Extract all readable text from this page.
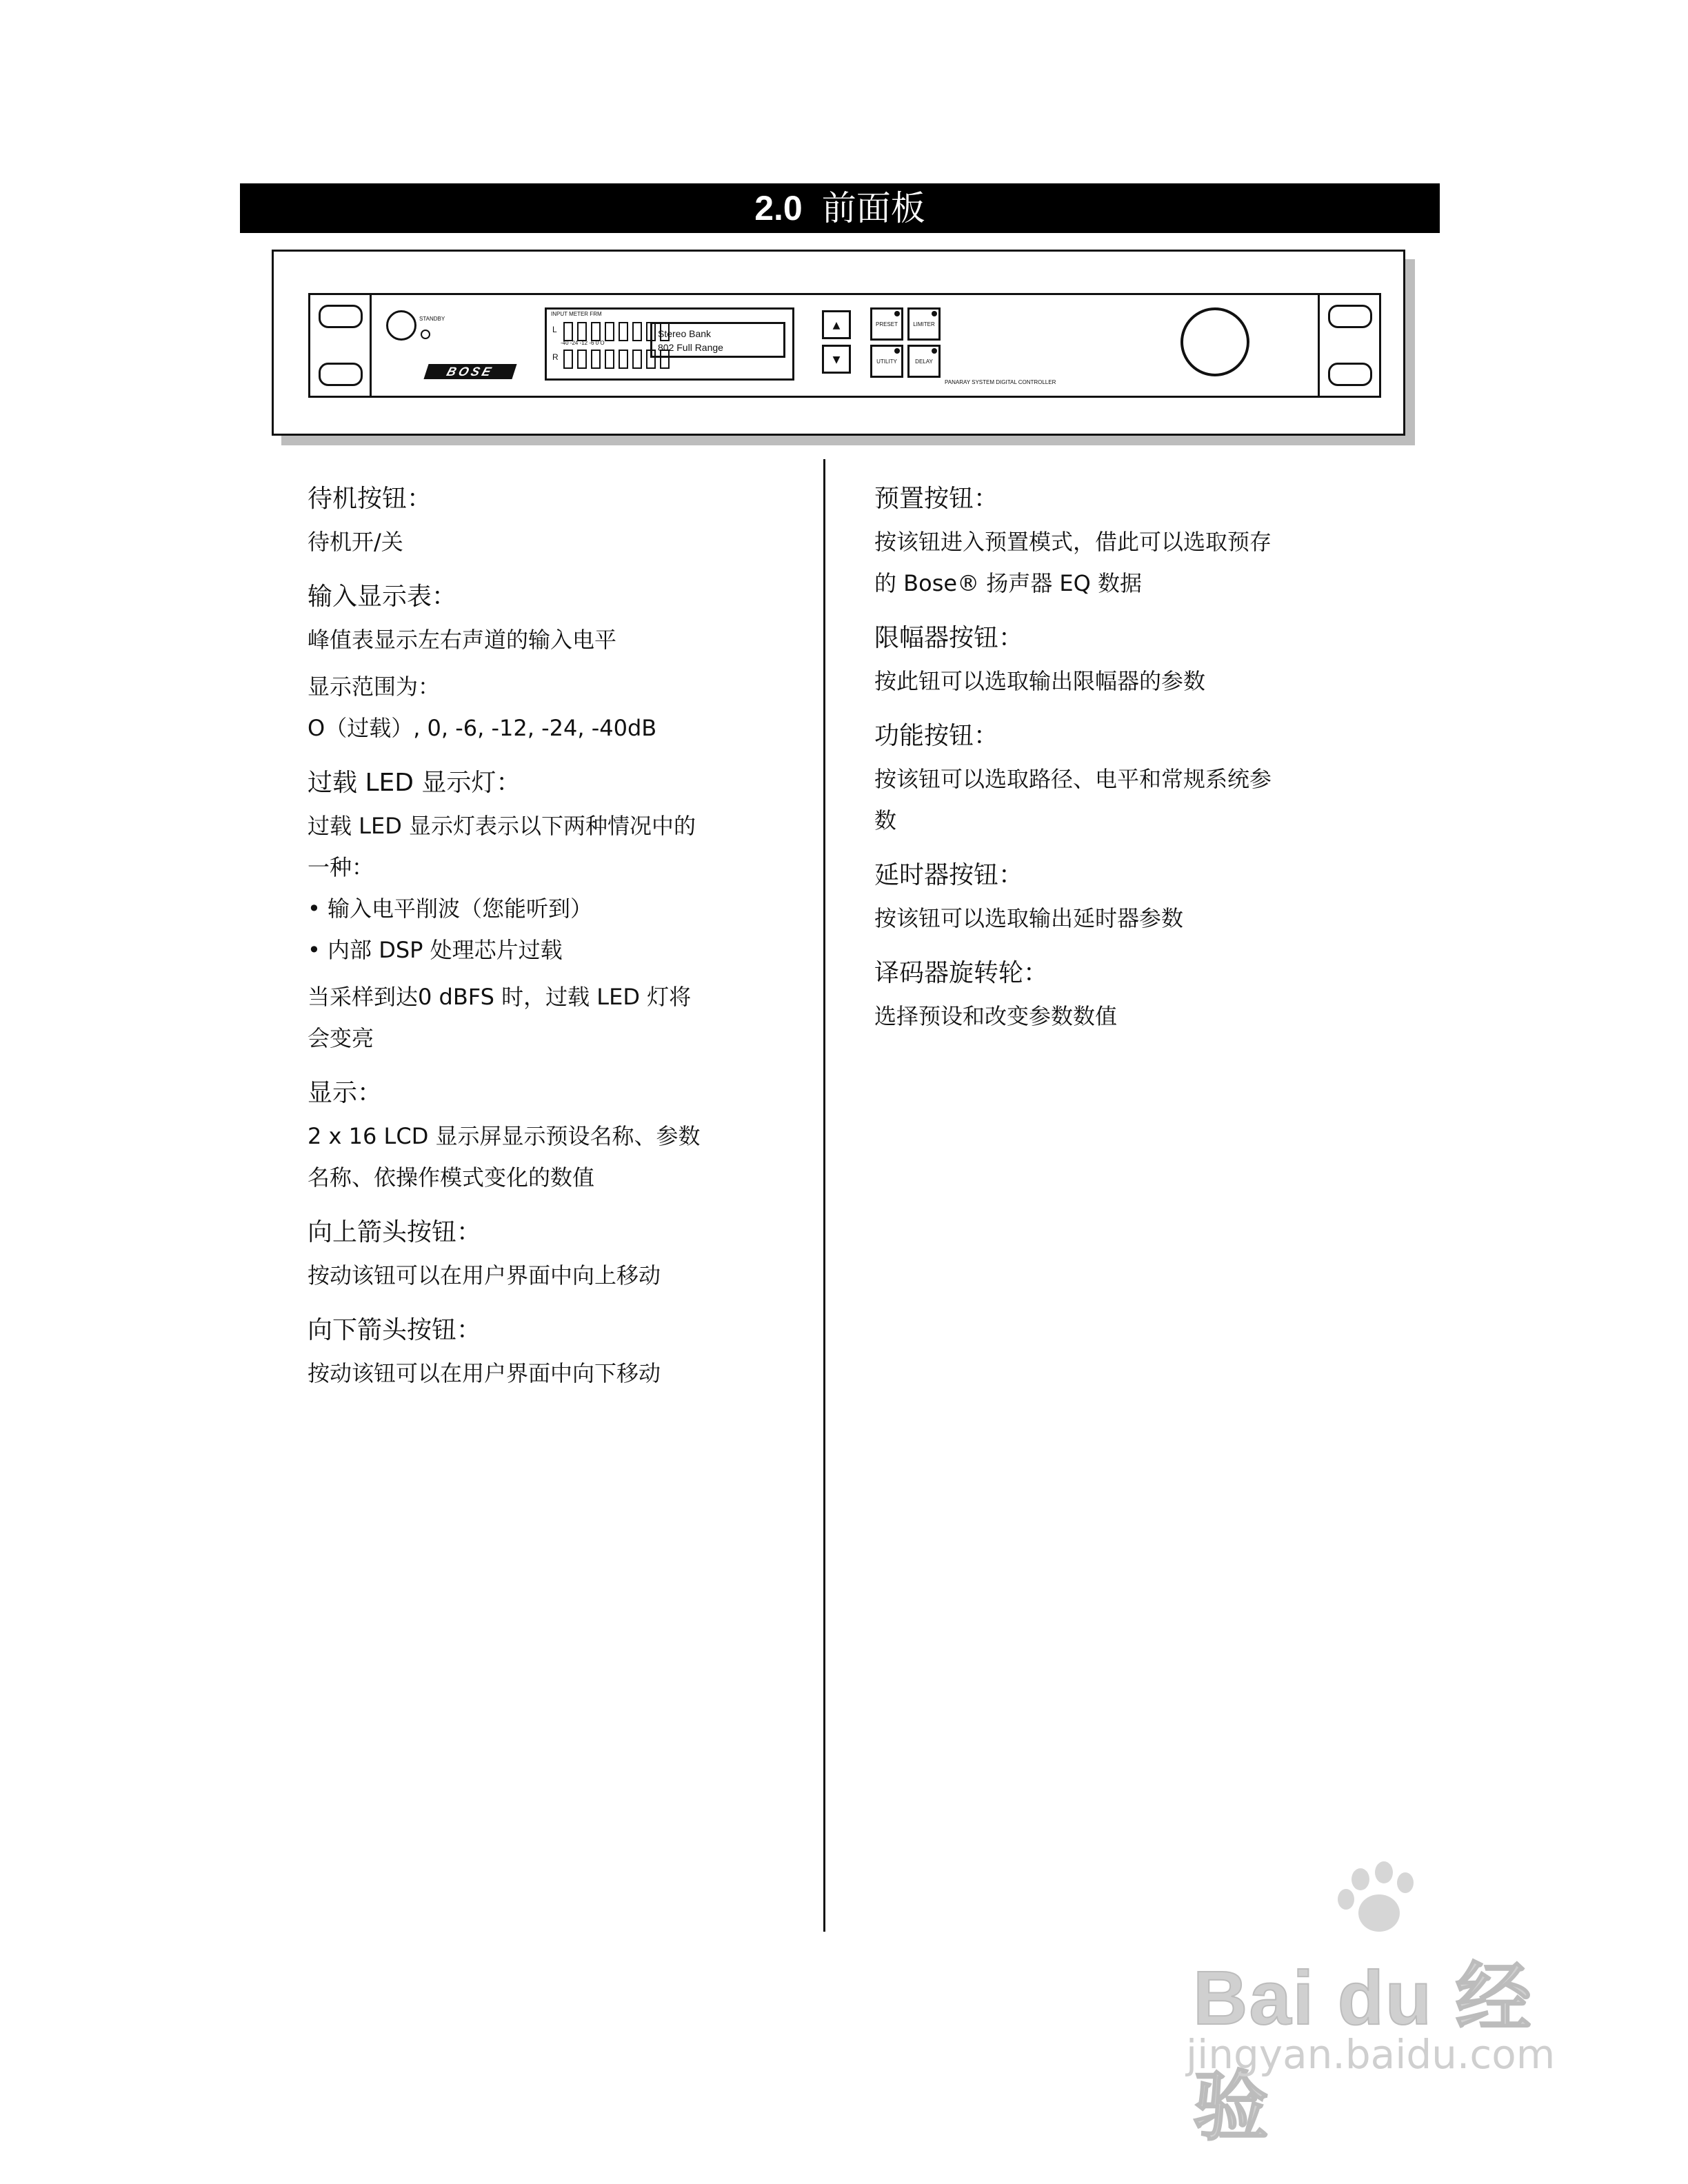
2.0 前面板
STANDBY
BOSE
INPUT METER FRM
L
-40 -24 -12 -6 0 O
R
Stereo Bank
802 Full Range
▲
▼
PRESET	LIMITER
UTILITY	DELAY
PANARAY SYSTEM DIGITAL CONTROLLER
待机按钮：

待机开/关

输入显示表：

峰值表显示左右声道的输入电平

显示范围为：

O（过载）, 0, -6, -12, -24, -40dB

过载 LED 显示灯：

过载 LED 显示灯表示以下两种情况中的

一种：

• 输入电平削波（您能听到）

• 内部 DSP 处理芯片过载

当采样到达0 dBFS 时，过载 LED 灯将

会变亮

显示：

2 x 16 LCD 显示屏显示预设名称、参数

名称、依操作模式变化的数值

向上箭头按钮：

按动该钮可以在用户界面中向上移动

向下箭头按钮：

按动该钮可以在用户界面中向下移动

预置按钮：

按该钮进入预置模式，借此可以选取预存

的 Bose® 扬声器 EQ 数据

限幅器按钮：

按此钮可以选取输出限幅器的参数

功能按钮：

按该钮可以选取路径、电平和常规系统参

数

延时器按钮：

按该钮可以选取输出延时器参数

译码器旋转轮：

选择预设和改变参数数值

Bai du 经验
jingyan.baidu.com
